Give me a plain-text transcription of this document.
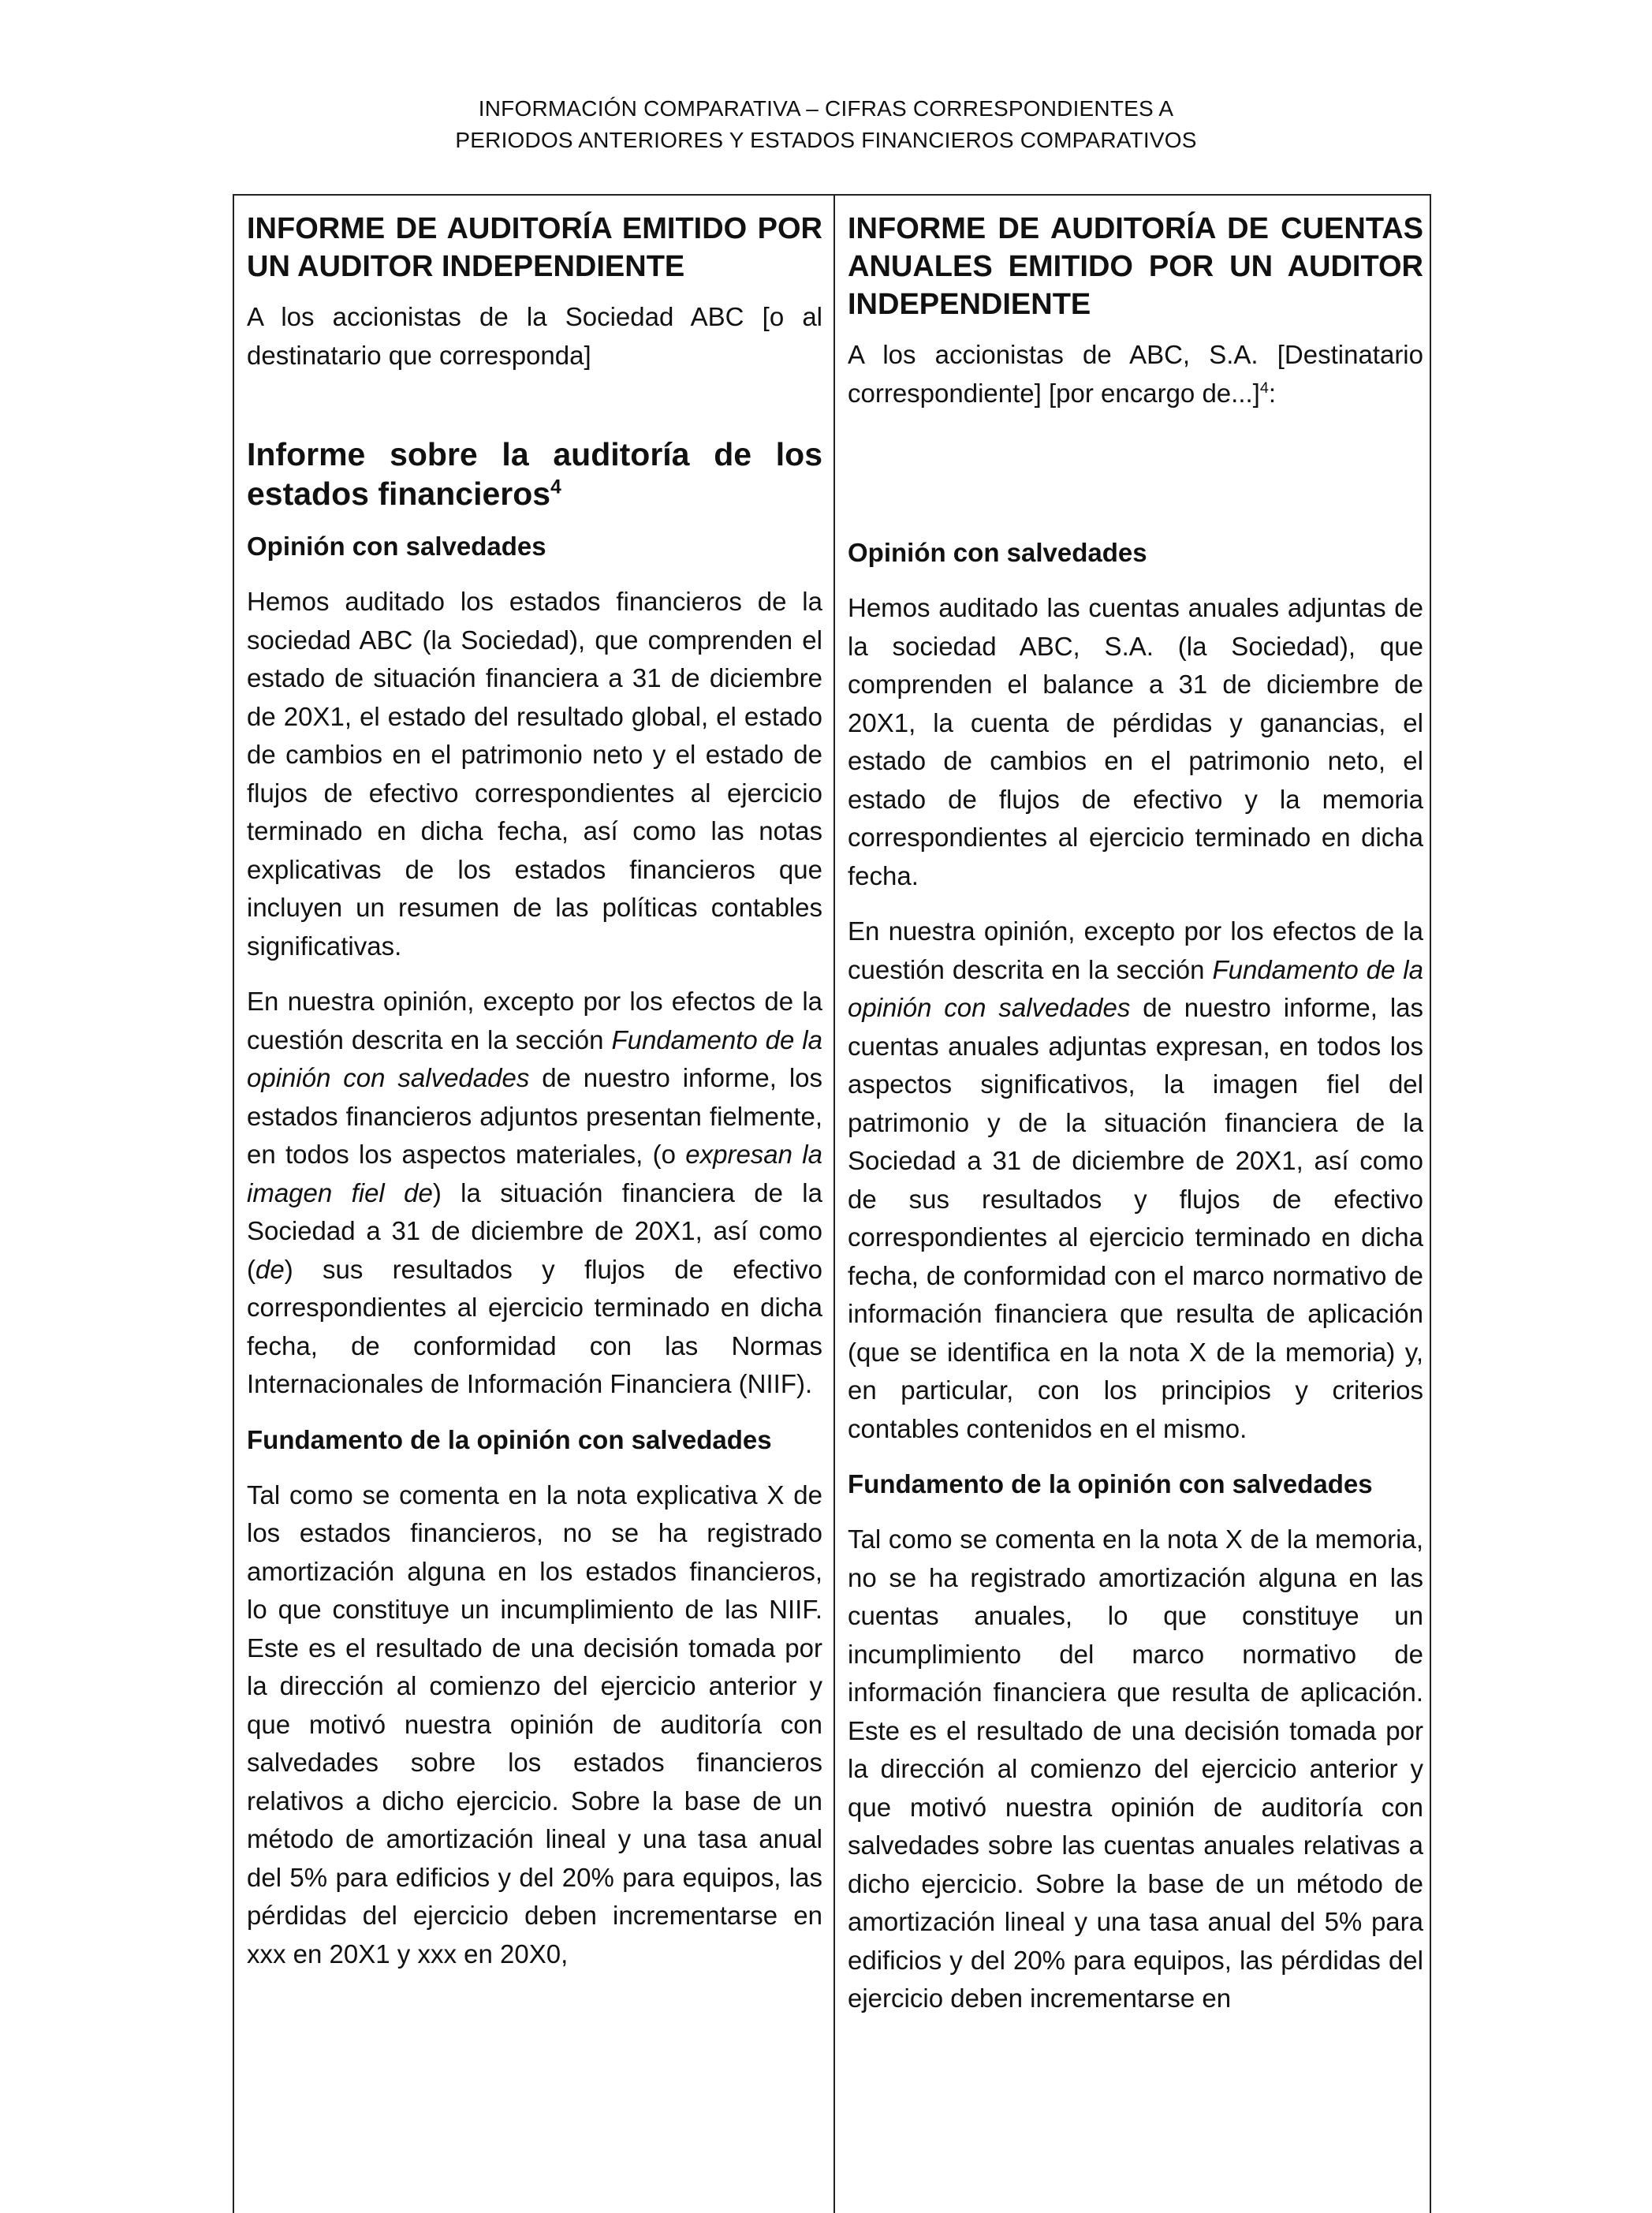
INFORMACIÓN COMPARATIVA – CIFRAS CORRESPONDIENTES A
PERIODOS ANTERIORES Y ESTADOS FINANCIEROS COMPARATIVOS
INFORME DE AUDITORÍA EMITIDO POR UN AUDITOR INDEPENDIENTE

A los accionistas de la Sociedad ABC [o al destinatario que corresponda]

Informe sobre la auditoría de los estados financieros$^4$
Opinión con salvedades

Hemos auditado los estados financieros de la sociedad ABC (la Sociedad), que comprenden el estado de situación financiera a 31 de diciembre de 20X1, el estado del resultado global, el estado de cambios en el patrimonio neto y el estado de flujos de efectivo correspondientes al ejercicio terminado en dicha fecha, así como las notas explicativas de los estados financieros que incluyen un resumen de las políticas contables significativas.

En nuestra opinión, excepto por los efectos de la cuestión descrita en la sección Fundamento de la opinión con salvedades de nuestro informe, los estados financieros adjuntos presentan fielmente, en todos los aspectos materiales, (o expresan la imagen fiel de) la situación financiera de la Sociedad a 31 de diciembre de 20X1, así como (de) sus resultados y flujos de efectivo correspondientes al ejercicio terminado en dicha fecha, de conformidad con las Normas Internacionales de Información Financiera (NIIF).

Fundamento de la opinión con salvedades

Tal como se comenta en la nota explicativa X de los estados financieros, no se ha registrado amortización alguna en los estados financieros, lo que constituye un incumplimiento de las NIIF. Este es el resultado de una decisión tomada por la dirección al comienzo del ejercicio anterior y que motivó nuestra opinión de auditoría con salvedades sobre los estados financieros relativos a dicho ejercicio. Sobre la base de un método de amortización lineal y una tasa anual del 5% para edificios y del 20% para equipos, las pérdidas del ejercicio deben incrementarse en xxx en 20X1 y xxx en 20X0,

INFORME DE AUDITORÍA DE CUENTAS ANUALES EMITIDO POR UN AUDITOR INDEPENDIENTE

A los accionistas de ABC, S.A. [Destinatario correspondiente] [por encargo de...]$^4$:

Opinión con salvedades

Hemos auditado las cuentas anuales adjuntas de la sociedad ABC, S.A. (la Sociedad), que comprenden el balance a 31 de diciembre de 20X1, la cuenta de pérdidas y ganancias, el estado de cambios en el patrimonio neto, el estado de flujos de efectivo y la memoria correspondientes al ejercicio terminado en dicha fecha.

En nuestra opinión, excepto por los efectos de la cuestión descrita en la sección Fundamento de la opinión con salvedades de nuestro informe, las cuentas anuales adjuntas expresan, en todos los aspectos significativos, la imagen fiel del patrimonio y de la situación financiera de la Sociedad a 31 de diciembre de 20X1, así como de sus resultados y flujos de efectivo correspondientes al ejercicio terminado en dicha fecha, de conformidad con el marco normativo de información financiera que resulta de aplicación (que se identifica en la nota X de la memoria) y, en particular, con los principios y criterios contables contenidos en el mismo.

Fundamento de la opinión con salvedades

Tal como se comenta en la nota X de la memoria, no se ha registrado amortización alguna en las cuentas anuales, lo que constituye un incumplimiento del marco normativo de información financiera que resulta de aplicación. Este es el resultado de una decisión tomada por la dirección al comienzo del ejercicio anterior y que motivó nuestra opinión de auditoría con salvedades sobre las cuentas anuales relativas a dicho ejercicio. Sobre la base de un método de amortización lineal y una tasa anual del 5% para edificios y del 20% para equipos, las pérdidas del ejercicio deben incrementarse en
